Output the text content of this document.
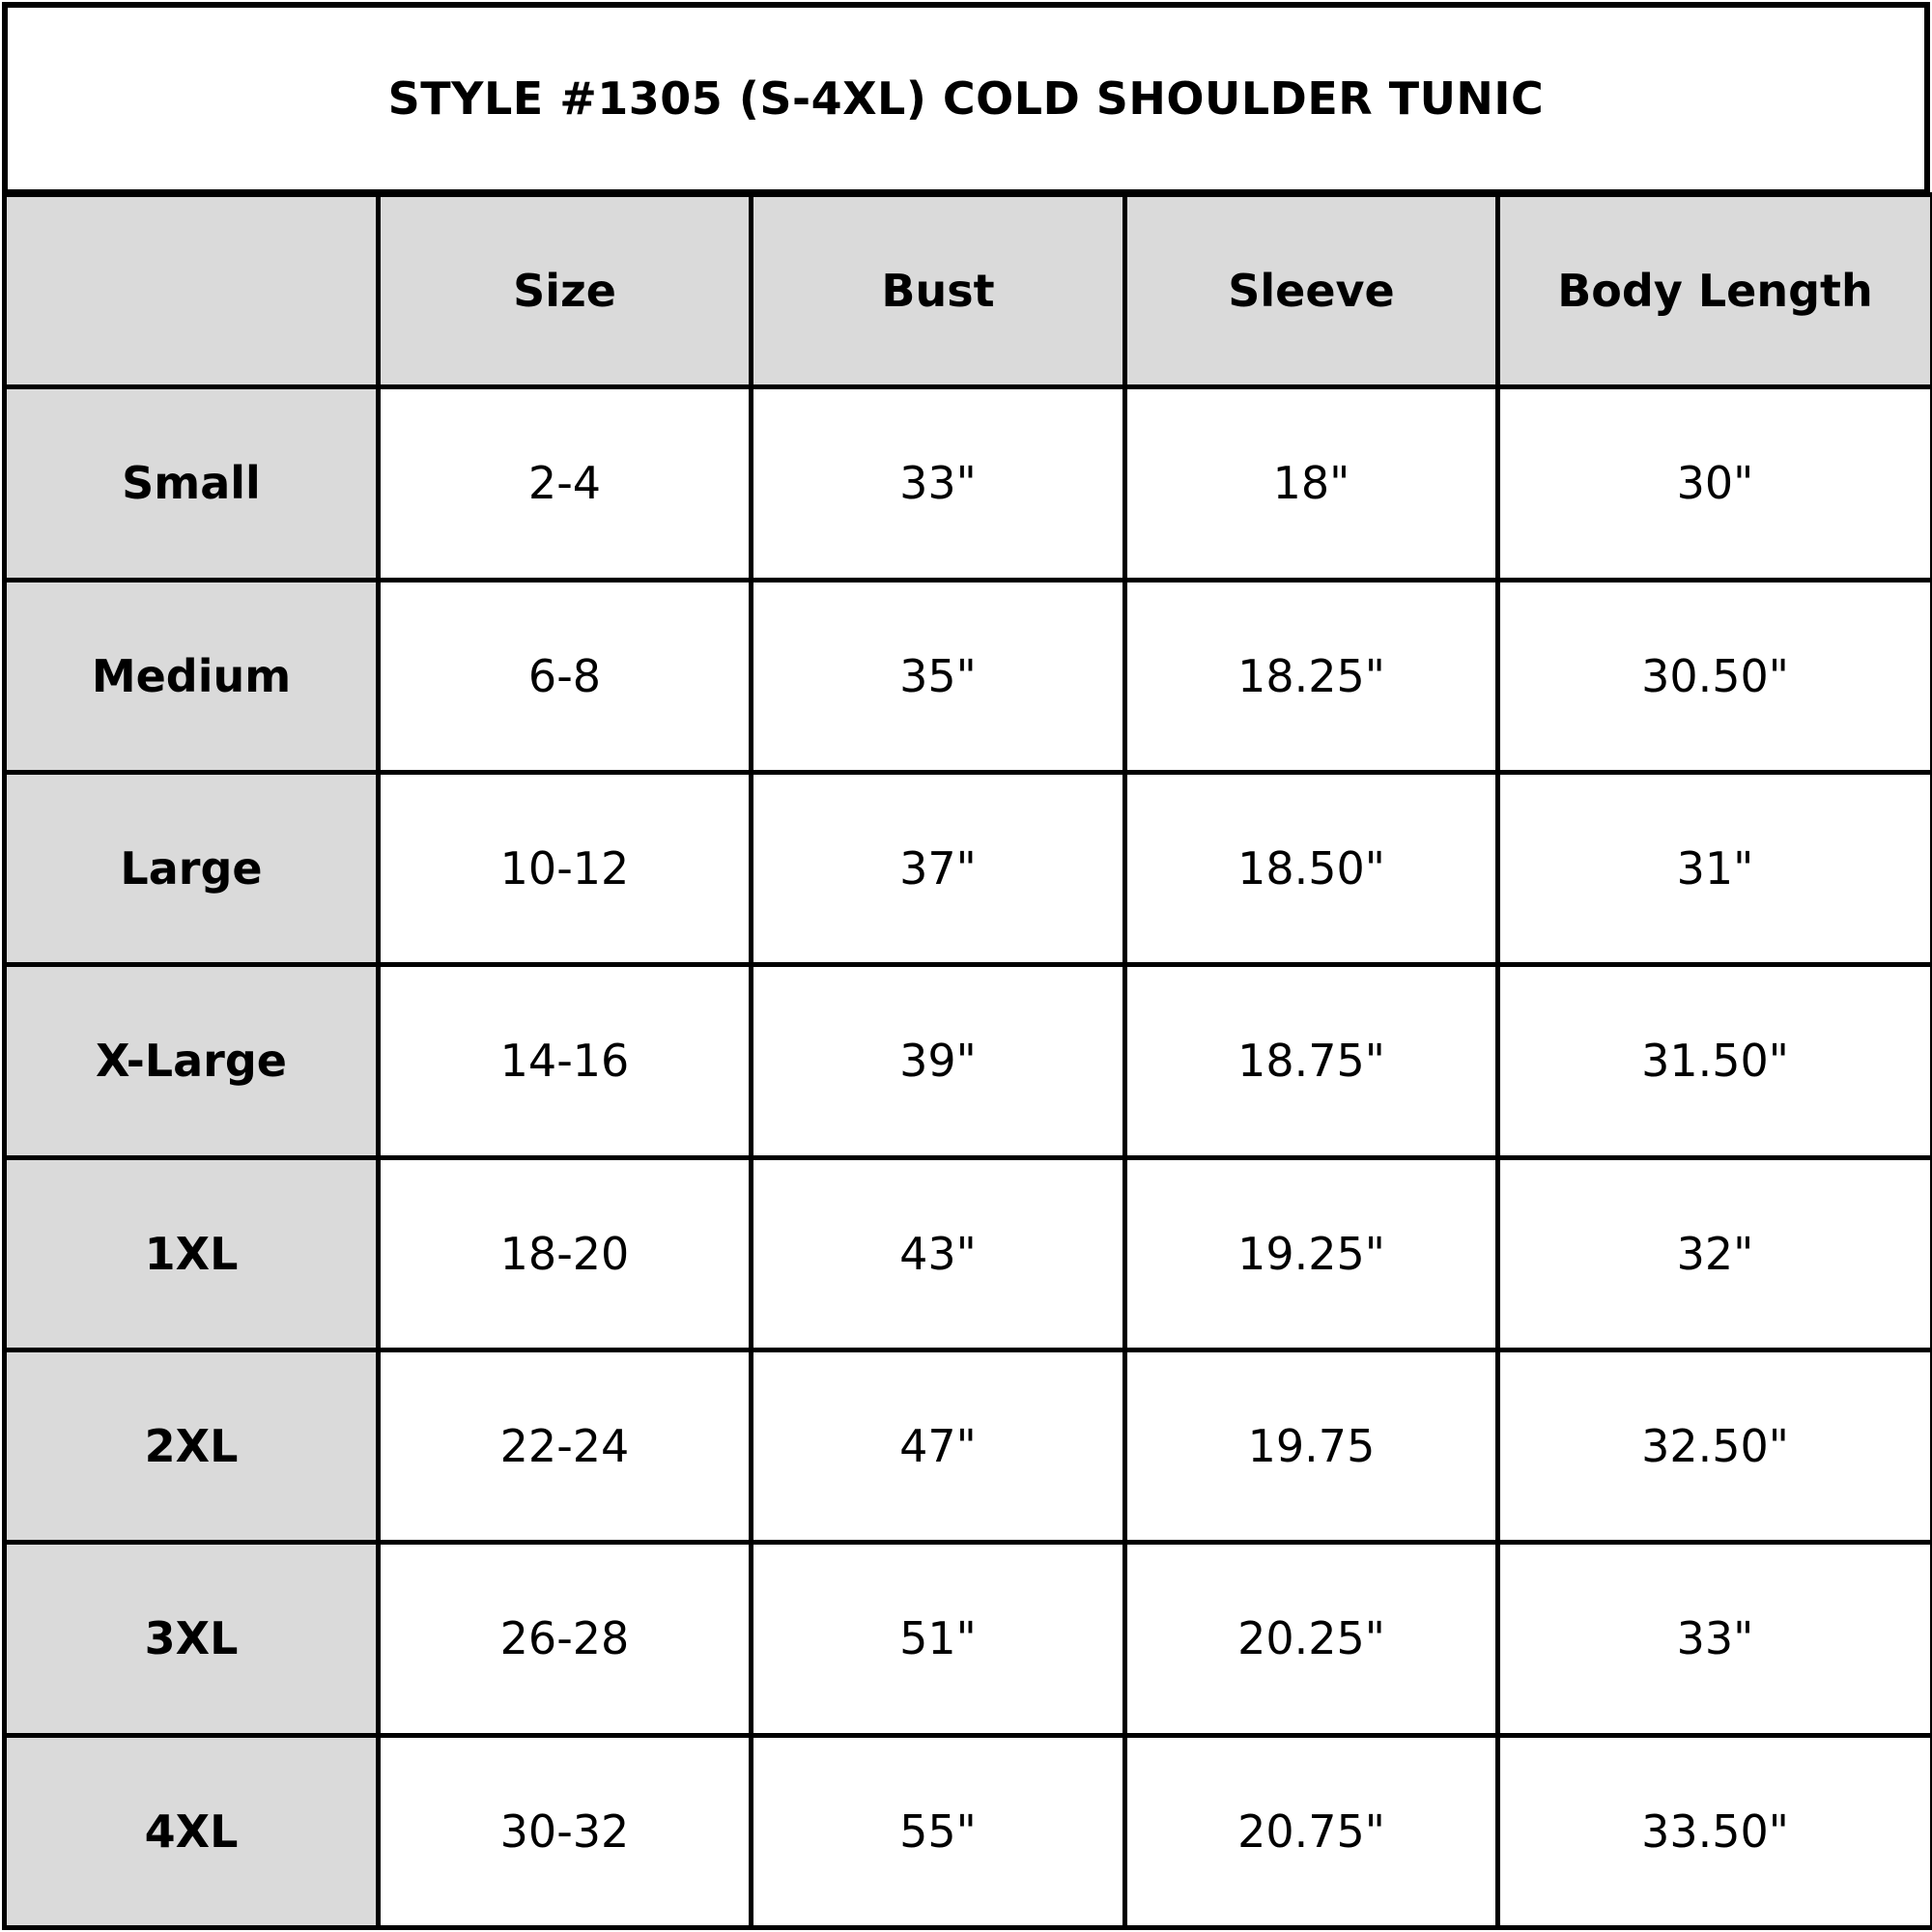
STYLE #1305 (S-4XL) COLD SHOULDER TUNIC
	Size	Bust	Sleeve	Body Length
Small	2-4	33"	18"	30"
Medium	6-8	35"	18.25"	30.50"
Large	10-12	37"	18.50"	31"
X-Large	14-16	39"	18.75"	31.50"
1XL	18-20	43"	19.25"	32"
2XL	22-24	47"	19.75	32.50"
3XL	26-28	51"	20.25"	33"
4XL	30-32	55"	20.75"	33.50"
